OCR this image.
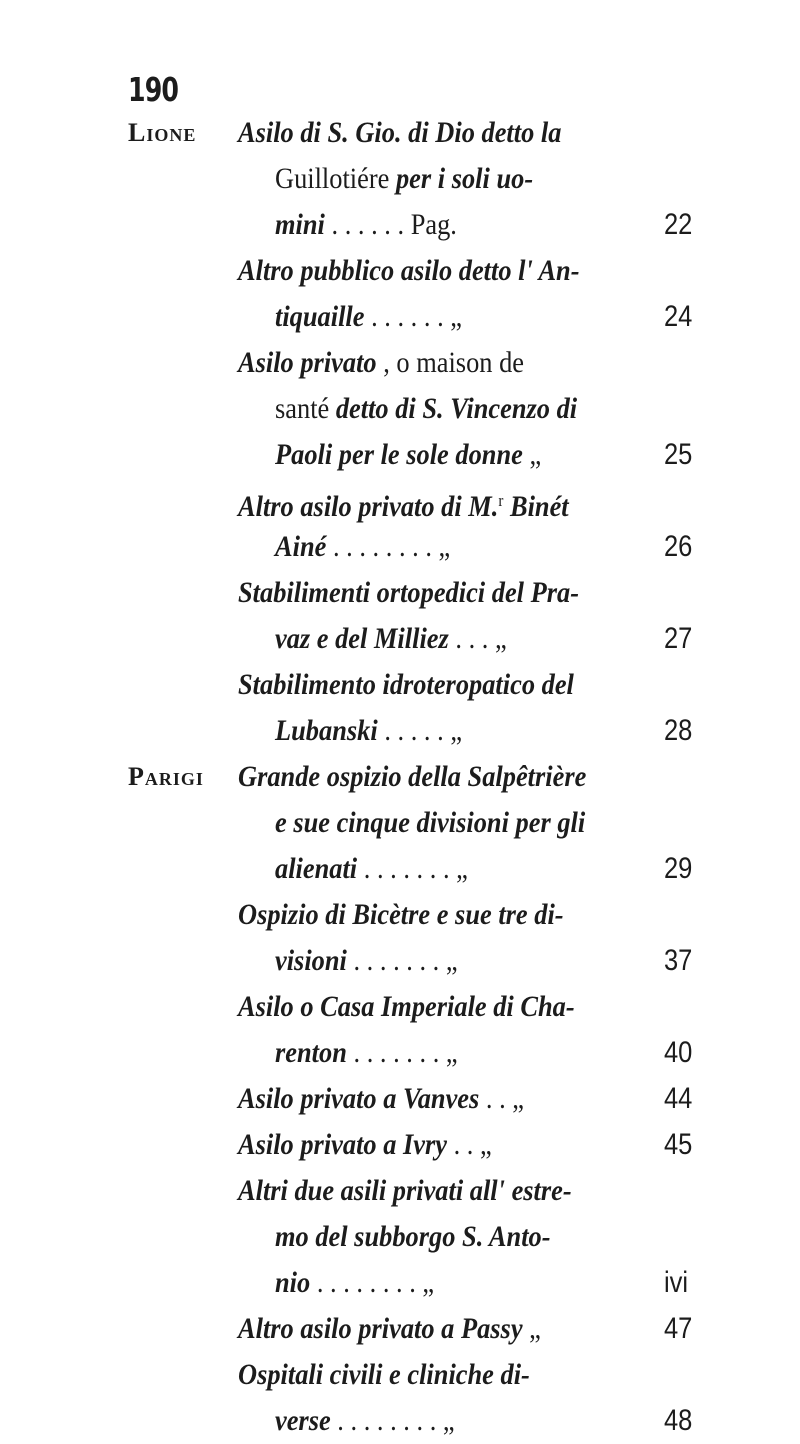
190
Lione Asilo di S. Gio. di Dio detto la
Guillotiére per i soli uo-
mini . . . . . . Pag.	22
Altro pubblico asilo detto l' An-
tiquaille . . . . . . „	24
Asilo privato , o maison de
santé detto di S. Vincenzo di
Paoli per le sole donne „	25
Altro asilo privato di M.$^r$ Binét
Ainé . . . . . . . . „	26
Stabilimenti ortopedici del Pra-
vaz e del Milliez . . . „	27
Stabilimento idroteropatico del
Lubanski . . . . . „	28
Parigi Grande ospizio della Salpêtrière
e sue cinque divisioni per gli
alienati . . . . . . . „	29
Ospizio di Bicètre e sue tre di-
visioni . . . . . . . „	37
Asilo o Casa Imperiale di Cha-
renton . . . . . . . „	40
Asilo privato a Vanves . . „	44
Asilo privato a Ivry . . „	45
Altri due asili privati all' estre-
mo del subborgo S. Anto-
nio . . . . . . . . „	ivi
Altro asilo privato a Passy „	47
Ospitali civili e cliniche di-
verse . . . . . . . . „	48
